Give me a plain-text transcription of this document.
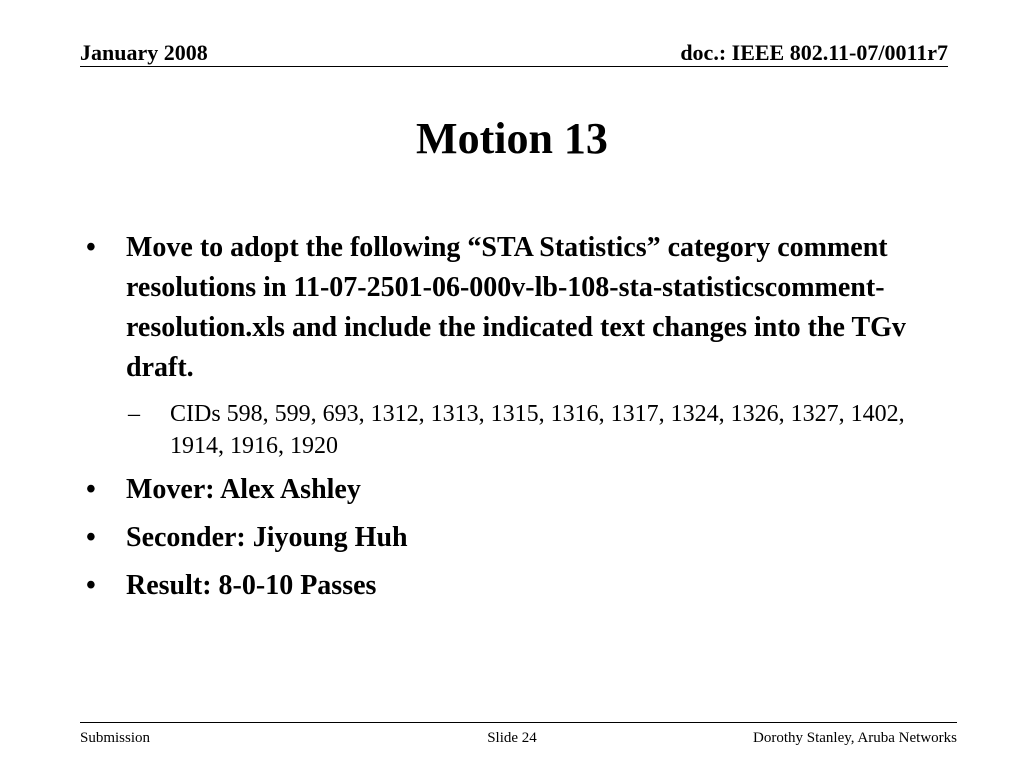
January 2008	doc.: IEEE 802.11-07/0011r7
Motion 13
•	Move to adopt the following “STA Statistics” category comment resolutions in 11-07-2501-06-000v-lb-108-sta-statisticscomment-resolution.xls and include the indicated text changes into the TGv draft.
–	CIDs 598, 599, 693, 1312, 1313, 1315, 1316, 1317, 1324, 1326, 1327, 1402, 1914, 1916, 1920
•	Mover: Alex Ashley
•	Seconder: Jiyoung Huh
•	Result: 8-0-10 Passes
Submission	Slide 24	Dorothy Stanley, Aruba Networks
